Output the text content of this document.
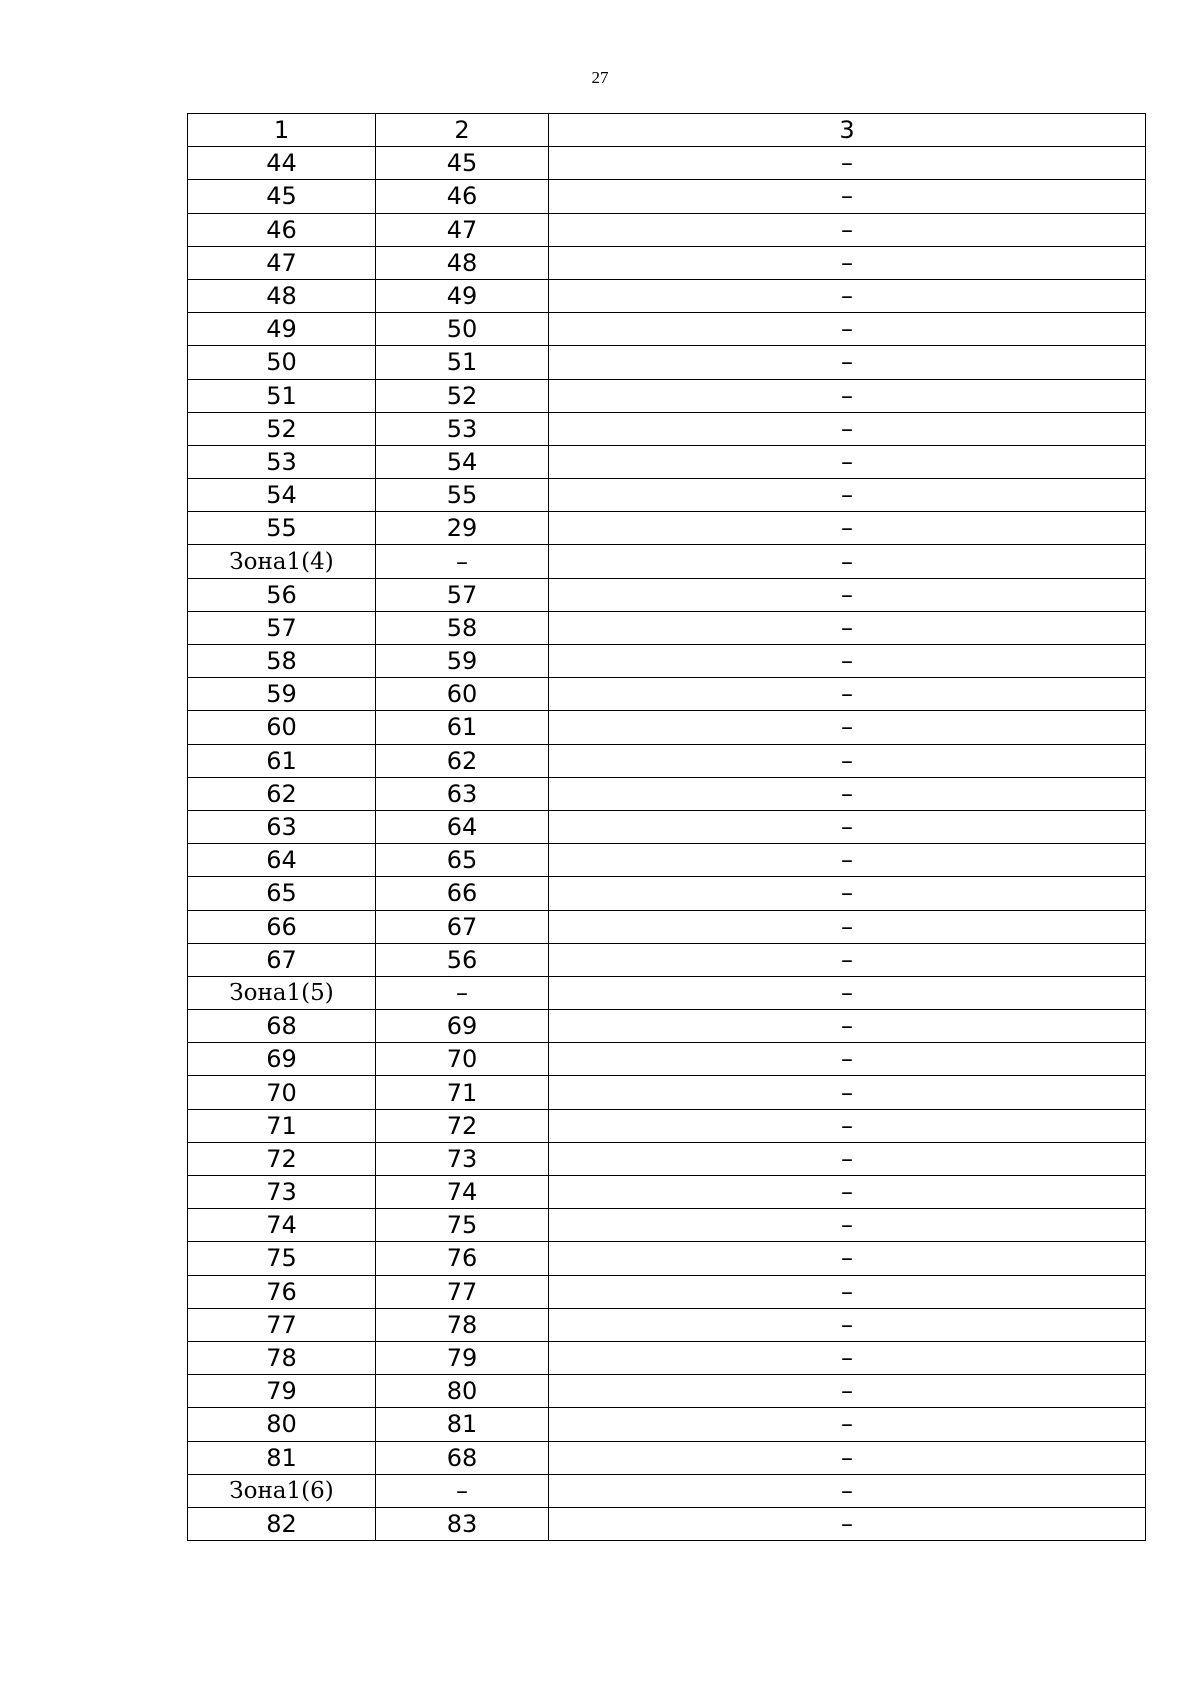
27
1	2	3
44	45	–
45	46	–
46	47	–
47	48	–
48	49	–
49	50	–
50	51	–
51	52	–
52	53	–
53	54	–
54	55	–
55	29	–
Зона1(4)	–	–
56	57	–
57	58	–
58	59	–
59	60	–
60	61	–
61	62	–
62	63	–
63	64	–
64	65	–
65	66	–
66	67	–
67	56	–
Зона1(5)	–	–
68	69	–
69	70	–
70	71	–
71	72	–
72	73	–
73	74	–
74	75	–
75	76	–
76	77	–
77	78	–
78	79	–
79	80	–
80	81	–
81	68	–
Зона1(6)	–	–
82	83	–
